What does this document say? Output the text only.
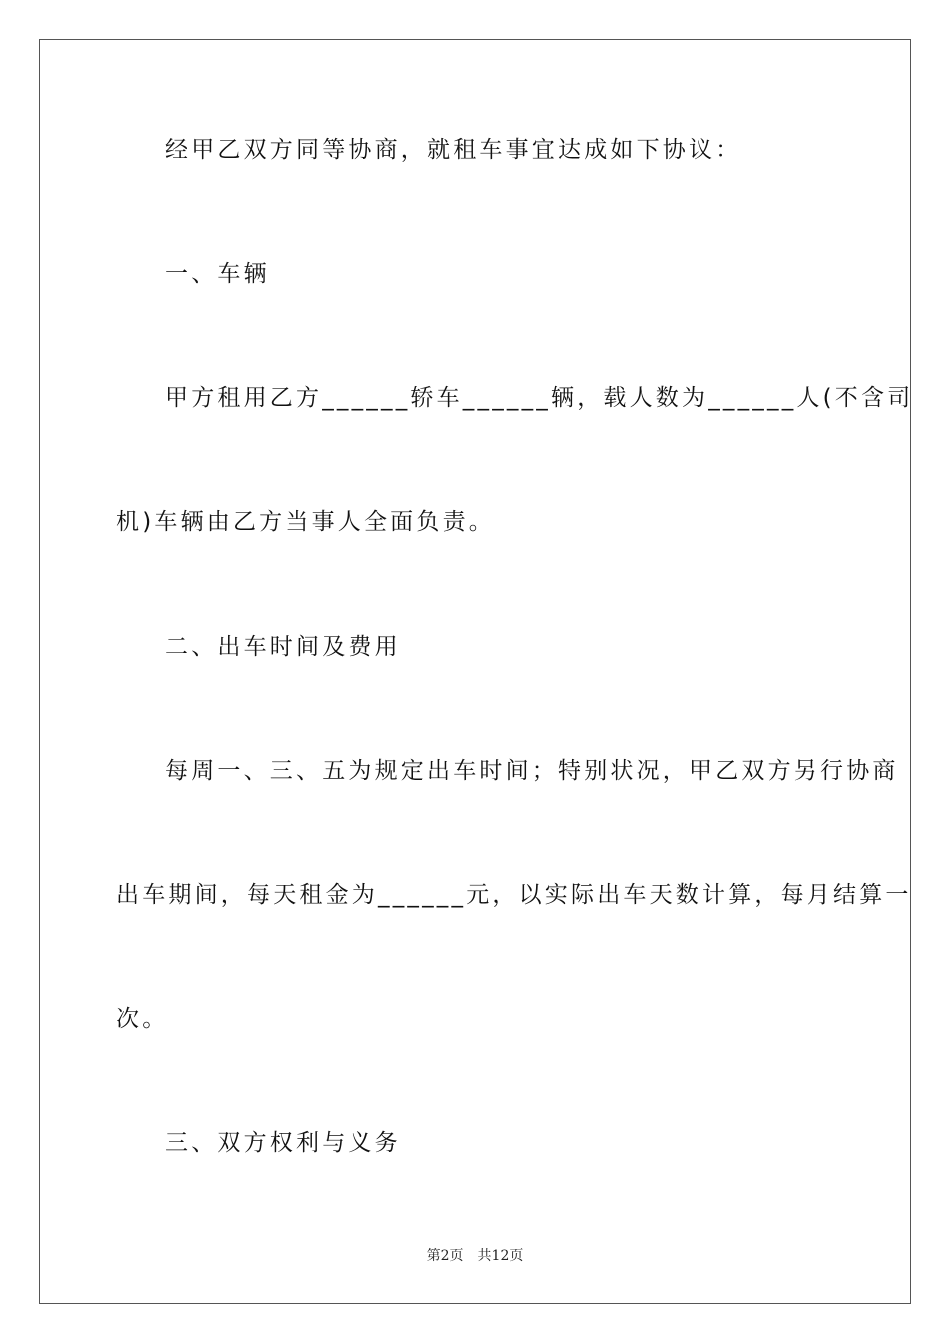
经甲乙双方同等协商，就租车事宜达成如下协议：
一、车辆
甲方租用乙方______轿车______辆，载人数为______人(不含司
机)车辆由乙方当事人全面负责。
二、出车时间及费用
每周一、三、五为规定出车时间；特别状况，甲乙双方另行协商
出车期间，每天租金为______元，以实际出车天数计算，每月结算一
次。
三、双方权利与义务
第2页 共12页
